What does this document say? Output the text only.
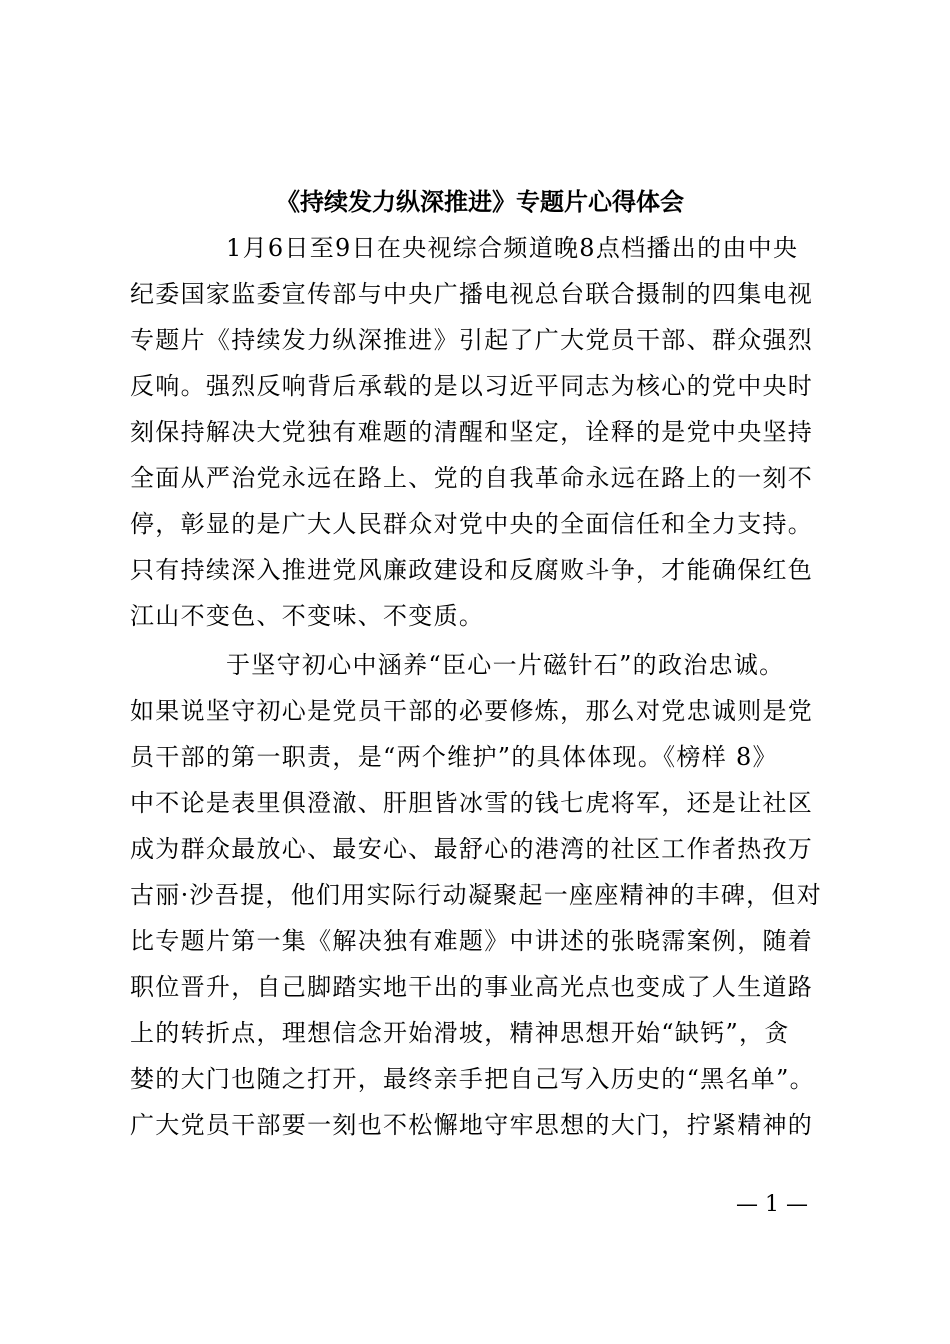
《持续发力纵深推进》专题片心得体会

1月6日至9日在央视综合频道晚8点档播出的由中央
纪委国家监委宣传部与中央广播电视总台联合摄制的四集电视
专题片《持续发力纵深推进》引起了广大党员干部、群众强烈
反响。强烈反响背后承载的是以习近平同志为核心的党中央时
刻保持解决大党独有难题的清醒和坚定，诠释的是党中央坚持
全面从严治党永远在路上、党的自我革命永远在路上的一刻不
停，彰显的是广大人民群众对党中央的全面信任和全力支持。
只有持续深入推进党风廉政建设和反腐败斗争，才能确保红色
江山不变色、不变味、不变质。

于坚守初心中涵养“臣心一片磁针石”的政治忠诚。
如果说坚守初心是党员干部的必要修炼，那么对党忠诚则是党
员干部的第一职责，是“两个维护”的具体体现。《榜样 8》
中不论是表里俱澄澈、肝胆皆冰雪的钱七虎将军，还是让社区
成为群众最放心、最安心、最舒心的港湾的社区工作者热孜万
古丽·沙吾提，他们用实际行动凝聚起一座座精神的丰碑，但对
比专题片第一集《解决独有难题》中讲述的张晓霈案例，随着
职位晋升，自己脚踏实地干出的事业高光点也变成了人生道路
上的转折点，理想信念开始滑坡，精神思想开始“缺钙”，贪
婪的大门也随之打开，最终亲手把自己写入历史的“黑名单”。
广大党员干部要一刻也不松懈地守牢思想的大门，拧紧精神的

— 1 —
